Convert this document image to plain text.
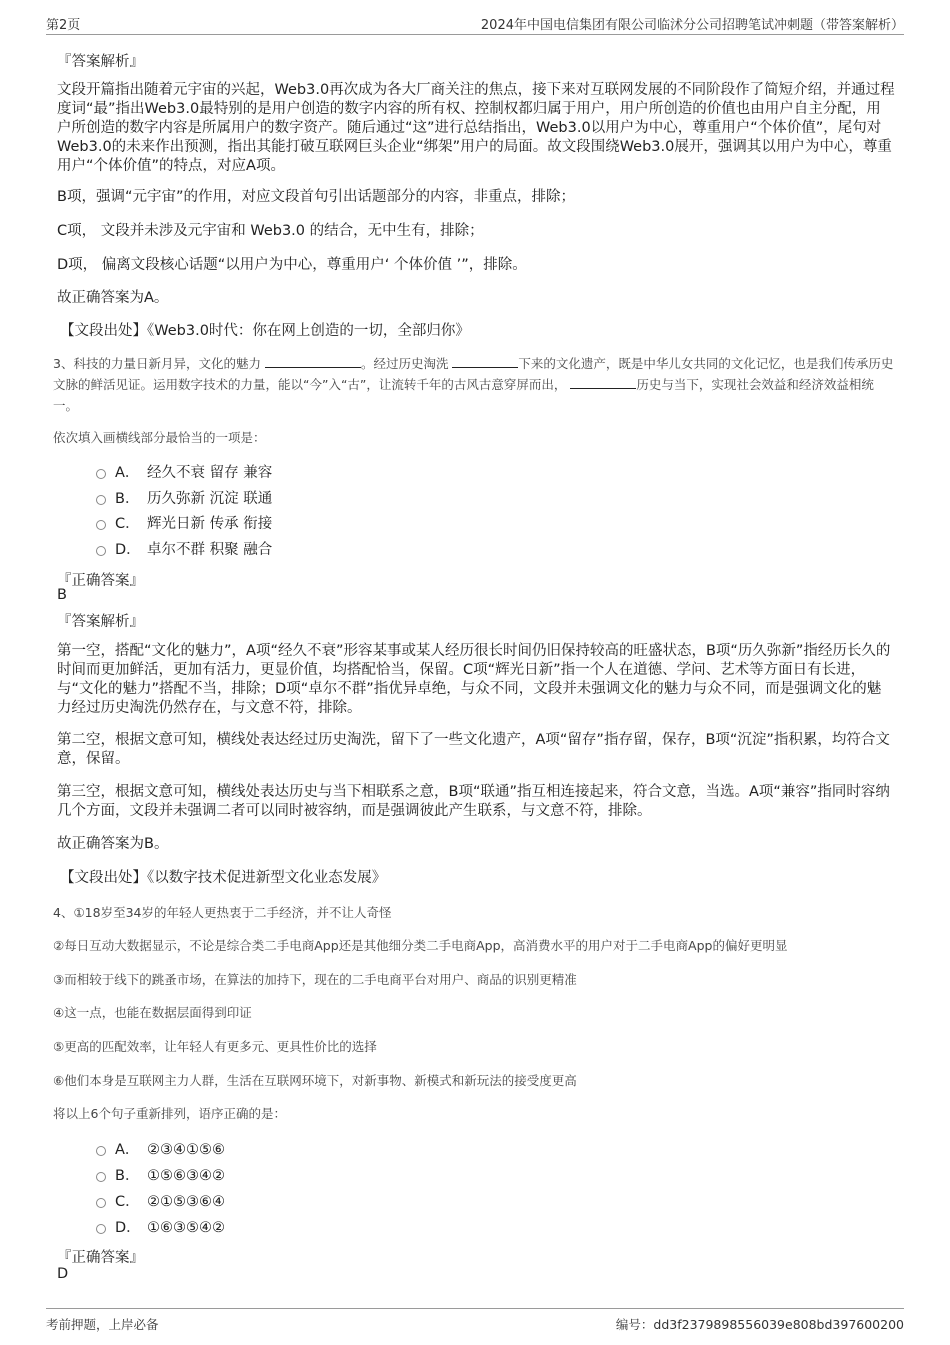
第2页	2024年中国电信集团有限公司临沭分公司招聘笔试冲刺题（带答案解析）
『答案解析』

文段开篇指出随着元宇宙的兴起，Web3.0再次成为各大厂商关注的焦点，接下来对互联网发展的不同阶段作了简短介绍，并通过程度词“最”指出Web3.0最特别的是用户创造的数字内容的所有权、控制权都归属于用户，用户所创造的价值也由用户自主分配，用户所创造的数字内容是所属用户的数字资产。随后通过“这”进行总结指出，Web3.0以用户为中心，尊重用户“个体价值”，尾句对Web3.0的未来作出预测，指出其能打破互联网巨头企业“绑架”用户的局面。故文段围绕Web3.0展开，强调其以用户为中心，尊重用户“个体价值”的特点，对应A项。

B项，强调“元宇宙”的作用，对应文段首句引出话题部分的内容，非重点，排除；

C项， 文段并未涉及元宇宙和 Web3.0 的结合，无中生有，排除；

D项， 偏离文段核心话题“以用户为中心，尊重用户‘ 个体价值 ’”，排除。

故正确答案为A。

【文段出处】《Web3.0时代：你在网上创造的一切，全部归你》

3、科技的力量日新月异，文化的魅力	。经过历史淘洗	下来的文化遗产，既是中华儿女共同的文化记忆，也是我们传承历史文脉的鲜活见证。运用数字技术的力量，能以“今”入“古”，让流转千年的古风古意穿屏而出，	历史与当下，实现社会效益和经济效益相统一。

依次填入画横线部分最恰当的一项是：

A． 经久不衰 留存 兼容
B． 历久弥新 沉淀 联通
C． 辉光日新 传承 衔接
D． 卓尔不群 积聚 融合
『正确答案』
B
『答案解析』

第一空，搭配“文化的魅力”，A项“经久不衰”形容某事或某人经历很长时间仍旧保持较高的旺盛状态，B项“历久弥新”指经历长久的时间而更加鲜活，更加有活力，更显价值，均搭配恰当，保留。C项“辉光日新”指一个人在道德、学问、艺术等方面日有长进，与“文化的魅力”搭配不当，排除；D项“卓尔不群”指优异卓绝，与众不同，文段并未强调文化的魅力与众不同，而是强调文化的魅力经过历史淘洗仍然存在，与文意不符，排除。

第二空，根据文意可知，横线处表达经过历史淘洗，留下了一些文化遗产，A项“留存”指存留，保存，B项“沉淀”指积累，均符合文意，保留。

第三空，根据文意可知，横线处表达历史与当下相联系之意，B项“联通”指互相连接起来，符合文意，当选。A项“兼容”指同时容纳几个方面，文段并未强调二者可以同时被容纳，而是强调彼此产生联系，与文意不符，排除。

故正确答案为B。

【文段出处】《以数字技术促进新型文化业态发展》

4、①18岁至34岁的年轻人更热衷于二手经济，并不让人奇怪

②每日互动大数据显示，不论是综合类二手电商App还是其他细分类二手电商App，高消费水平的用户对于二手电商App的偏好更明显

③而相较于线下的跳蚤市场，在算法的加持下，现在的二手电商平台对用户、商品的识别更精准

④这一点，也能在数据层面得到印证

⑤更高的匹配效率，让年轻人有更多元、更具性价比的选择

⑥他们本身是互联网主力人群，生活在互联网环境下，对新事物、新模式和新玩法的接受度更高

将以上6个句子重新排列，语序正确的是：

A． ②③④①⑤⑥
B． ①⑤⑥③④②
C． ②①⑤③⑥④
D． ①⑥③⑤④②
『正确答案』
D
考前押题，上岸必备	编号：dd3f2379898556039e808bd397600200
